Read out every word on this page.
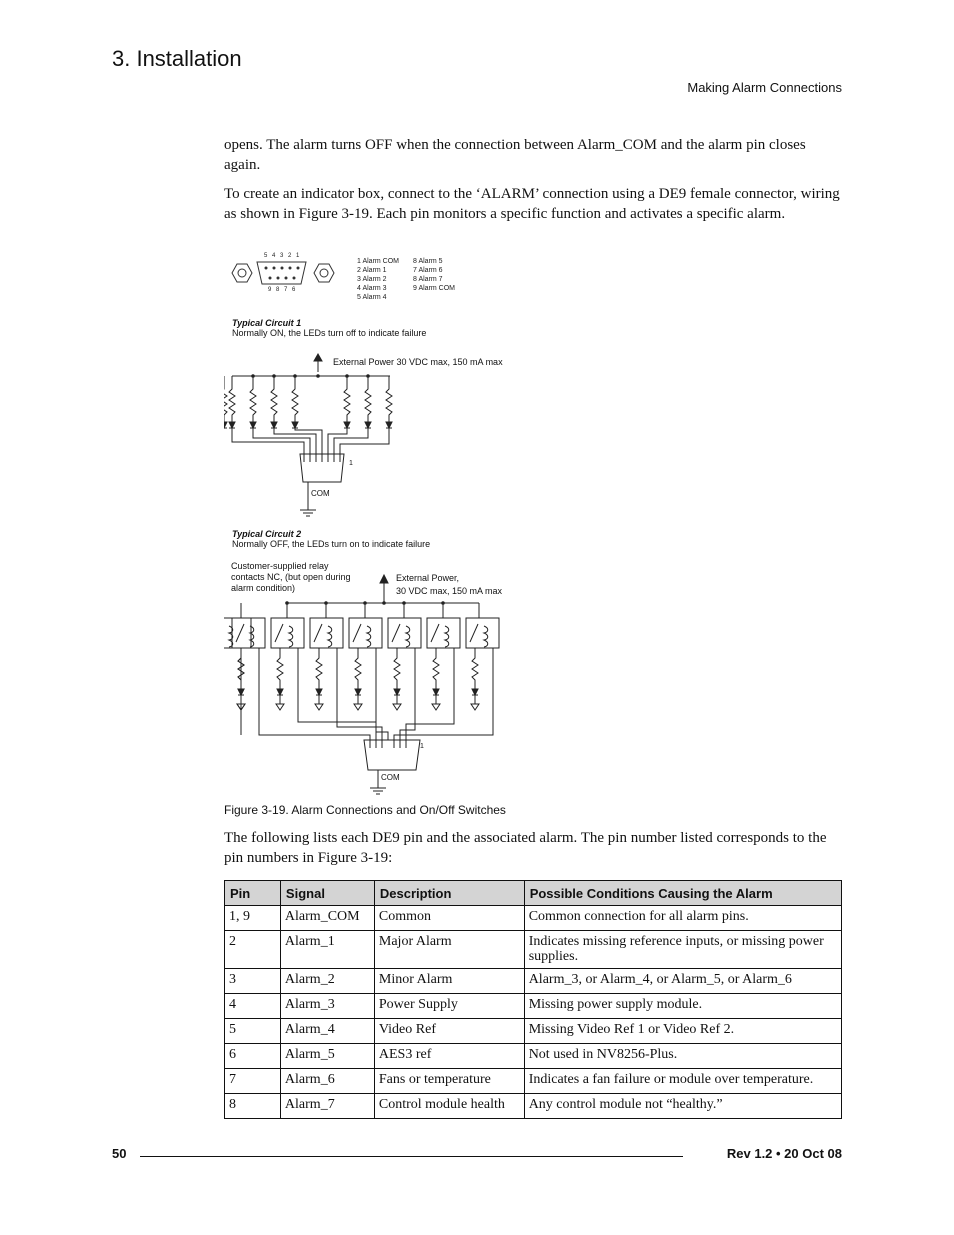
3. Installation
Making Alarm Connections
opens. The alarm turns OFF when the connection between Alarm_COM and the alarm pin closes again.
To create an indicator box, connect to the ‘ALARM’ connection using a DE9 female connector, wiring as shown in Figure 3-19. Each pin monitors a specific function and activates a specific alarm.
5 4 3 2 1
9 8 7 6
1 Alarm COM
2 Alarm 1
3 Alarm 2
4 Alarm 3
5 Alarm 4
8 Alarm 5
7 Alarm 6
8 Alarm 7
9 Alarm COM
Typical Circuit 1
Normally ON, the LEDs turn off to indicate failure
External Power 30 VDC max, 150 mA max
1
COM
Typical Circuit 2
Normally OFF, the LEDs turn on to indicate failure
Customer-supplied relay
contacts NC, (but open during
alarm condition)
External Power,
30 VDC max, 150 mA max
1
COM
Figure 3-19. Alarm Connections and On/Off Switches
The following lists each DE9 pin and the associated alarm. The pin number listed corresponds to the pin numbers in Figure 3-19:
Pin	Signal	Description	Possible Conditions Causing the Alarm
1, 9	Alarm_COM	Common	Common connection for all alarm pins.
2	Alarm_1	Major Alarm	Indicates missing reference inputs, or missing power supplies.
3	Alarm_2	Minor Alarm	Alarm_3, or Alarm_4, or Alarm_5, or Alarm_6
4	Alarm_3	Power Supply	Missing power supply module.
5	Alarm_4	Video Ref	Missing Video Ref 1 or Video Ref 2.
6	Alarm_5	AES3 ref	Not used in NV8256-Plus.
7	Alarm_6	Fans or temperature	Indicates a fan failure or module over temperature.
8	Alarm_7	Control module health	Any control module not “healthy.”
50	Rev 1.2 • 20 Oct 08
